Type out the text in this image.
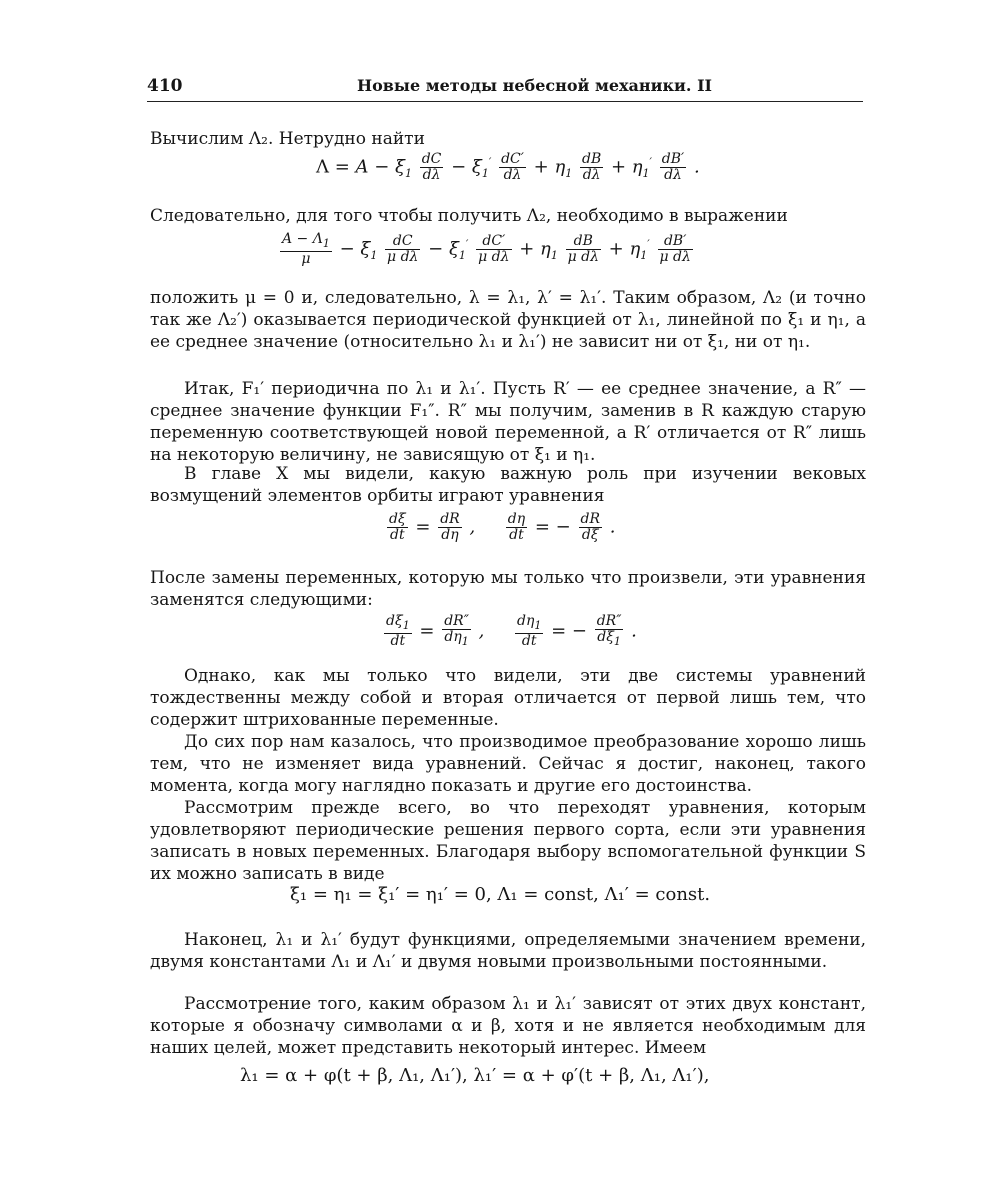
410	Новые методы небесной механики. II

Вычислим Λ₂. Нетрудно найти

$\Lambda = A - \xi_1 \frac{dC}{d\lambda} - \xi_1' \frac{dC'}{d\lambda} + \eta_1 \frac{dB}{d\lambda} + \eta_1' \frac{dB'}{d\lambda}$ .

Следовательно, для того чтобы получить Λ₂, необходимо в выражении

$\frac{A - \Lambda_1}{\mu} - \xi_1 \frac{dC}{\text{μ dλ}} - \xi_1' \frac{dC'}{\text{μ dλ}} + \eta_1 \frac{dB}{\text{μ dλ}} + \eta_1' \frac{dB'}{\text{μ dλ}}$

положить μ = 0 и, следовательно, λ = λ₁, λ′ = λ₁′. Таким образом, Λ₂ (и точно так же Λ₂′) оказывается периодической функцией от λ₁, линейной по ξ₁ и η₁, а ее среднее значение (относительно λ₁ и λ₁′) не зависит ни от ξ₁, ни от η₁.

Итак, F₁′ периодична по λ₁ и λ₁′. Пусть R′ — ее среднее значение, а R″ — среднее значение функции F₁″. R″ мы получим, заменив в R каждую старую переменную соответствующей новой переменной, а R′ отличается от R″ лишь на некоторую величину, не зависящую от ξ₁ и η₁.

В главе X мы видели, какую важную роль при изучении вековых возмущений элементов орбиты играют уравнения

$\frac{d\xi}{dt} = \frac{dR}{d\eta}$ , $\frac{d\eta}{dt}$ = − $\frac{dR}{d\xi}$ .

После замены переменных, которую мы только что произвели, эти уравнения заменятся следующими:

$\frac{d\xi_1}{dt} = \frac{dR''}{d\eta_1}$ , $\frac{d\eta_1}{dt}$ = − $\frac{dR''}{d\xi_1}$ .

Однако, как мы только что видели, эти две системы уравнений тождественны между собой и вторая отличается от первой лишь тем, что содержит штрихованные переменные.

До сих пор нам казалось, что производимое преобразование хорошо лишь тем, что не изменяет вида уравнений. Сейчас я достиг, наконец, такого момента, когда могу наглядно показать и другие его достоинства.

Рассмотрим прежде всего, во что переходят уравнения, которым удовлетворяют периодические решения первого сорта, если эти уравнения записать в новых переменных. Благодаря выбору вспомогательной функции S их можно записать в виде

ξ₁ = η₁ = ξ₁′ = η₁′ = 0, Λ₁ = const, Λ₁′ = const.

Наконец, λ₁ и λ₁′ будут функциями, определяемыми значением времени, двумя константами Λ₁ и Λ₁′ и двумя новыми произвольными постоянными.

Рассмотрение того, каким образом λ₁ и λ₁′ зависят от этих двух констант, которые я обозначу символами α и β, хотя и не является необходимым для наших целей, может представить некоторый интерес. Имеем

λ₁ = α + φ(t + β, Λ₁, Λ₁′), λ₁′ = α + φ′(t + β, Λ₁, Λ₁′),
